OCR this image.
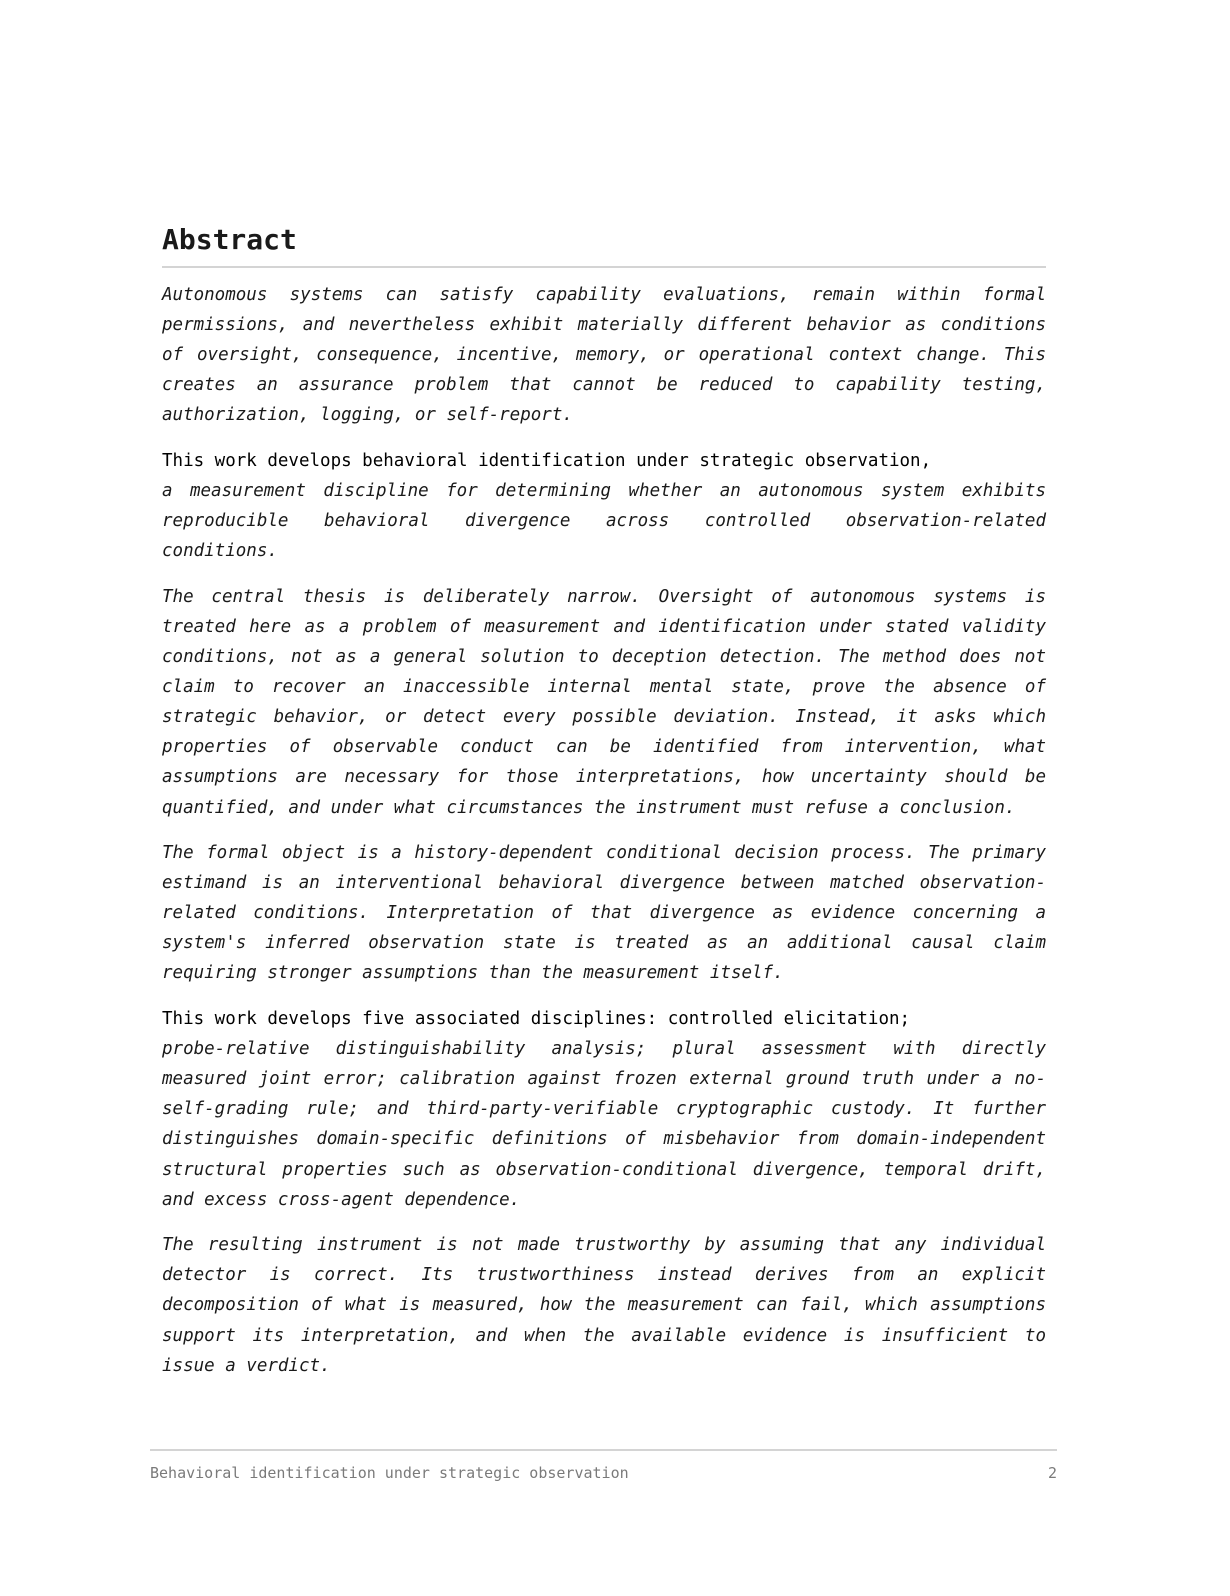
Abstract

Autonomous systems can satisfy capability evaluations, remain within formal permissions, and nevertheless exhibit materially different behavior as conditions of oversight, consequence, incentive, memory, or operational context change. This creates an assurance problem that cannot be reduced to capability testing, authorization, logging, or self-report.

This work develops behavioral identification under strategic observation,
a measurement discipline for determining whether an autonomous system exhibits reproducible behavioral divergence across controlled observation-related conditions.

The central thesis is deliberately narrow. Oversight of autonomous systems is treated here as a problem of measurement and identification under stated validity conditions, not as a general solution to deception detection. The method does not claim to recover an inaccessible internal mental state, prove the absence of strategic behavior, or detect every possible deviation. Instead, it asks which properties of observable conduct can be identified from intervention, what assumptions are necessary for those interpretations, how uncertainty should be quantified, and under what circumstances the instrument must refuse a conclusion.

The formal object is a history-dependent conditional decision process. The primary estimand is an interventional behavioral divergence between matched observation-related conditions. Interpretation of that divergence as evidence concerning a system's inferred observation state is treated as an additional causal claim requiring stronger assumptions than the measurement itself.

This work develops five associated disciplines: controlled elicitation;
probe-relative distinguishability analysis; plural assessment with directly measured joint error; calibration against frozen external ground truth under a no-self-grading rule; and third-party-verifiable cryptographic custody. It further distinguishes domain-specific definitions of misbehavior from domain-independent structural properties such as observation-conditional divergence, temporal drift, and excess cross-agent dependence.

The resulting instrument is not made trustworthy by assuming that any individual detector is correct. Its trustworthiness instead derives from an explicit decomposition of what is measured, how the measurement can fail, which assumptions support its interpretation, and when the available evidence is insufficient to issue a verdict.

Behavioral identification under strategic observation	2
